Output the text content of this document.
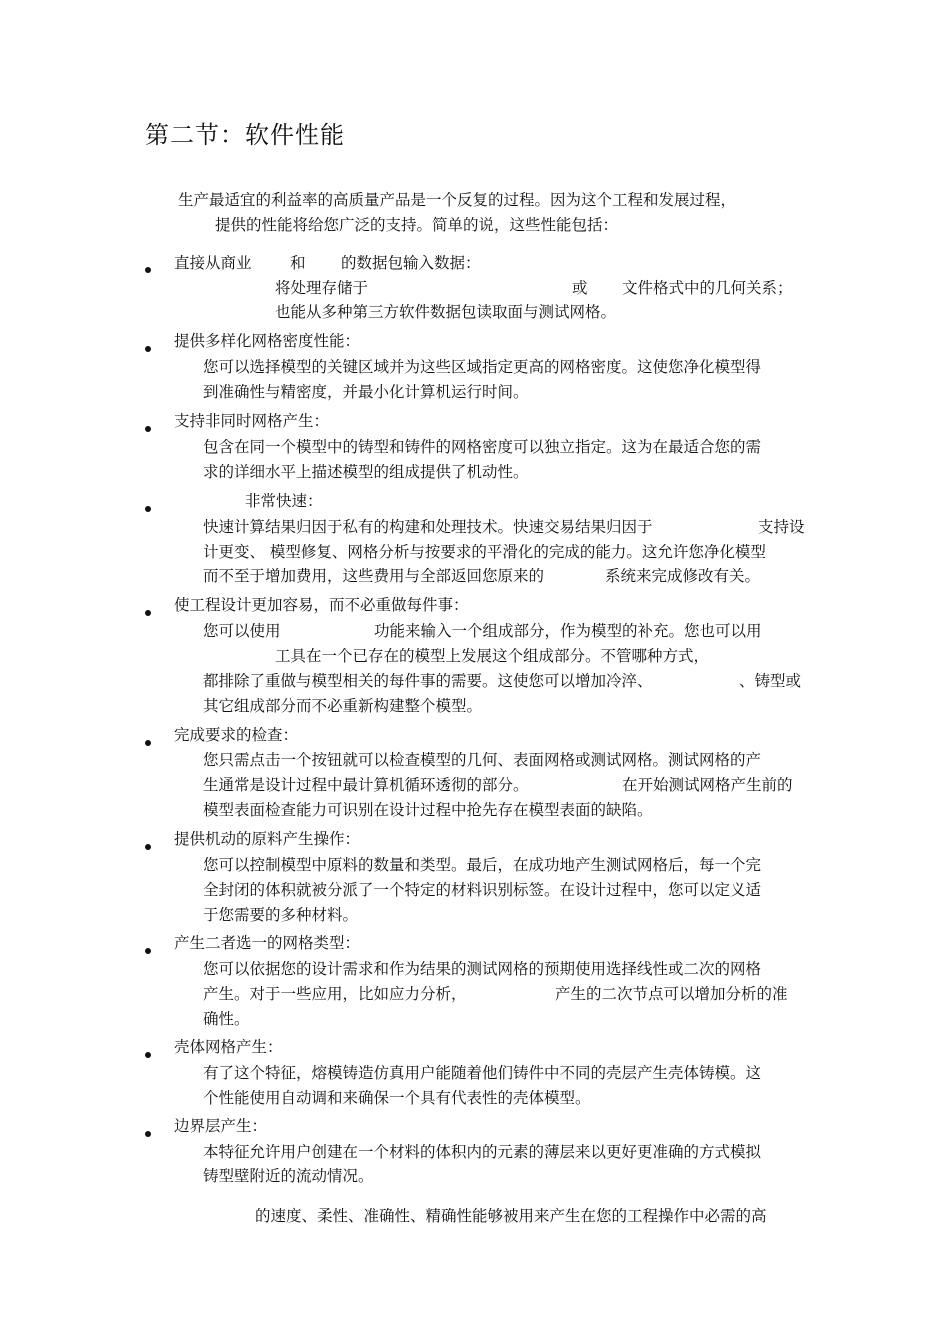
第二节：软件性能
生产最适宜的利益率的高质量产品是一个反复的过程。因为这个工程和发展过程，
提供的性能将给您广泛的支持。简单的说，这些性能包括：
直接从商业 和 的数据包输入数据：
将处理存储于	或 文件格式中的几何关系；
也能从多种第三方软件数据包读取面与测试网格。
提供多样化网格密度性能：
您可以选择模型的关键区域并为这些区域指定更高的网格密度。这使您净化模型得
到准确性与精密度，并最小化计算机运行时间。
支持非同时网格产生：
包含在同一个模型中的铸型和铸件的网格密度可以独立指定。这为在最适合您的需
求的详细水平上描述模型的组成提供了机动性。
非常快速：
快速计算结果归因于私有的构建和处理技术。快速交易结果归因于	支持设
计更变、 模型修复、网格分析与按要求的平滑化的完成的能力。这允许您净化模型
而不至于增加费用，这些费用与全部返回您原来的	系统来完成修改有关。
使工程设计更加容易，而不必重做每件事：
您可以使用	功能来输入一个组成部分，作为模型的补充。您也可以用
工具在一个已存在的模型上发展这个组成部分。不管哪种方式，
都排除了重做与模型相关的每件事的需要。这使您可以增加冷淬、	、铸型或
其它组成部分而不必重新构建整个模型。
完成要求的检查：
您只需点击一个按钮就可以检查模型的几何、表面网格或测试网格。测试网格的产
生通常是设计过程中最计算机循环透彻的部分。	在开始测试网格产生前的
模型表面检查能力可识别在设计过程中抢先存在模型表面的缺陷。
提供机动的原料产生操作：
您可以控制模型中原料的数量和类型。最后，在成功地产生测试网格后，每一个完
全封闭的体积就被分派了一个特定的材料识别标签。在设计过程中，您可以定义适
于您需要的多种材料。
产生二者选一的网格类型：
您可以依据您的设计需求和作为结果的测试网格的预期使用选择线性或二次的网格
产生。对于一些应用，比如应力分析，	产生的二次节点可以增加分析的准
确性。
壳体网格产生：
有了这个特征，熔模铸造仿真用户能随着他们铸件中不同的壳层产生壳体铸模。这
个性能使用自动调和来确保一个具有代表性的壳体模型。
边界层产生：
本特征允许用户创建在一个材料的体积内的元素的薄层来以更好更准确的方式模拟
铸型壁附近的流动情况。
的速度、柔性、准确性、精确性能够被用来产生在您的工程操作中必需的高
